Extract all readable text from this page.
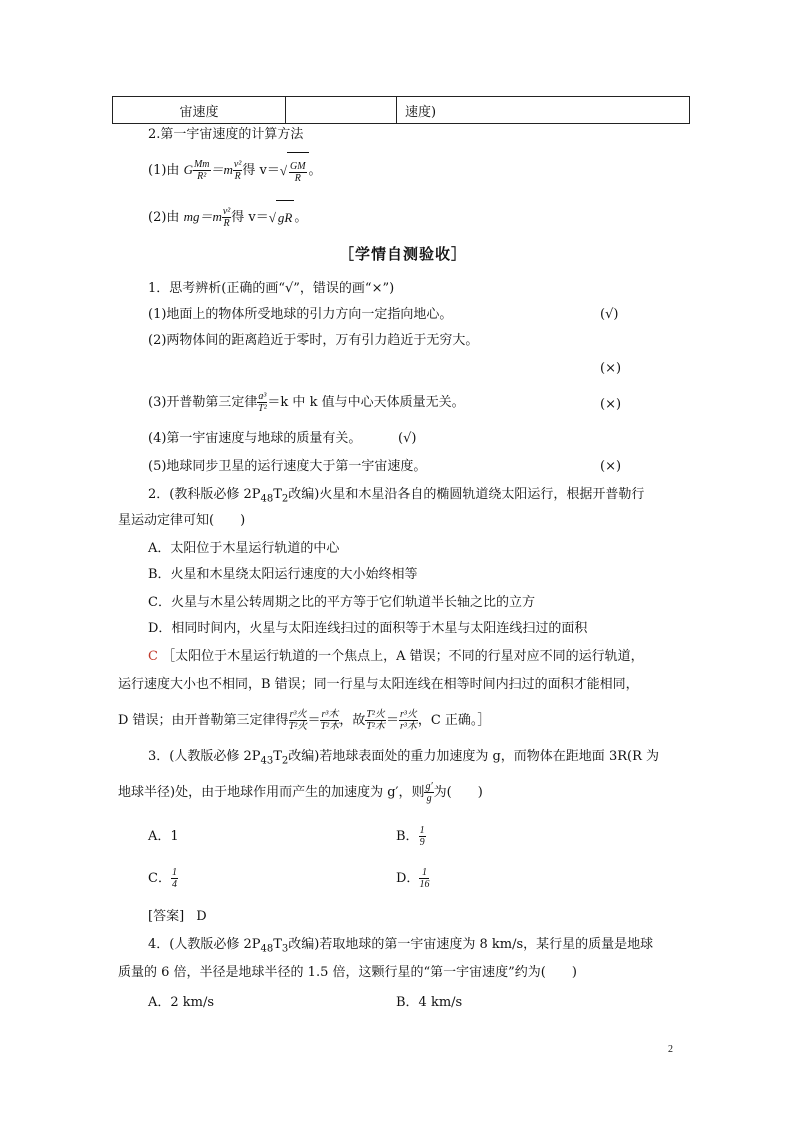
宙速度		速度)
2.第一宇宙速度的计算方法
(1)由 G $\frac{Mm}{\text{R²}} =m \frac{\text{v²}}{R}$ 得 $v=√ \frac{GM}{R}$ 。
(2)由 $mg=m \frac{\text{v²}}{R}$ 得 v＝√ gR 。
［学情自测验收］
1．思考辨析(正确的画“√”，错误的画“×”)
(1)地面上的物体所受地球的引力方向一定指向地心。	(√)
(2)两物体间的距离趋近于零时，万有引力趋近于无穷大。
(×)
(3)开普勒第三定律 $\frac{\text{a³}}{\text{T²}} =k$ 中 k 值与中心天体质量无关。	(×)
(4)第一宇宙速度与地球的质量有关。	(√)
(5)地球同步卫星的运行速度大于第一宇宙速度。	(×)
2．(教科版必修 $2P_{48}T_2$改编)火星和木星沿各自的椭圆轨道绕太阳运行，根据开普勒行
星运动定律可知(　　)
A．太阳位于木星运行轨道的中心
B．火星和木星绕太阳运行速度的大小始终相等
C．火星与木星公转周期之比的平方等于它们轨道半长轴之比的立方
D．相同时间内，火星与太阳连线扫过的面积等于木星与太阳连线扫过的面积
C ［太阳位于木星运行轨道的一个焦点上，A 错误；不同的行星对应不同的运行轨道，
运行速度大小也不相同，B 错误；同一行星与太阳连线在相等时间内扫过的面积才能相同，
D 错误；由开普勒第三定律得 $\frac{\text{r³火}}{\text{T²火}} = \frac{\text{r³木}}{\text{T²木}}$ ，故 $\frac{\text{T²火}}{\text{T²木}} = \frac{\text{r³火}}{\text{r³木}}$ ，C 正确。］
3．(人教版必修 $2P_{43}T_2$改编)若地球表面处的重力加速度为 g，而物体在距地面 3R(R 为
地球半径)处，由于地球作用而产生的加速度为 g′，则 $\frac{g'}{g}$ 为(　　)
A．1	B． $\frac{1}{9}$
C． $\frac{1}{4}$	D． $\frac{1}{16}$
[答案] D
4．(人教版必修 $2P_{48}T_3$改编)若取地球的第一宇宙速度为 8 km/s，某行星的质量是地球
质量的 6 倍，半径是地球半径的 1.5 倍，这颗行星的“第一宇宙速度”约为(　　)
A．2 km/s	B．4 km/s
2
